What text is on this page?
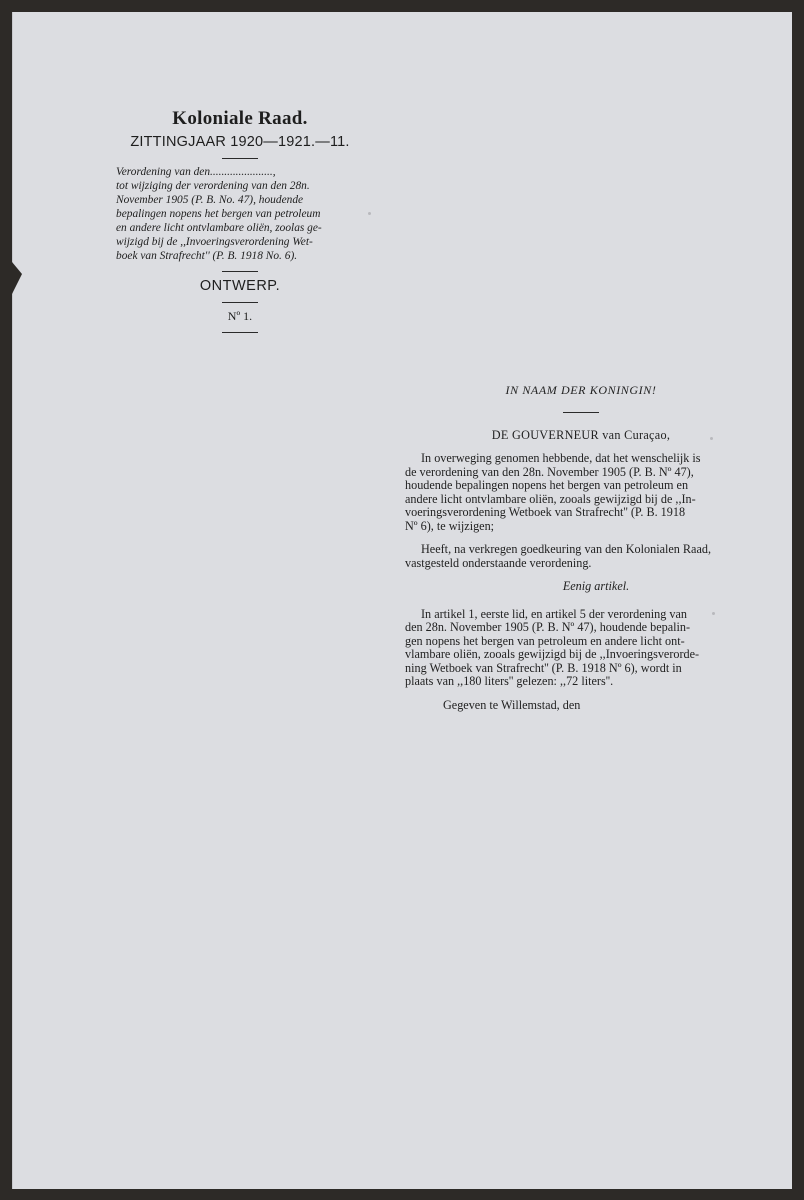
Koloniale Raad.
ZITTINGJAAR 1920—1921.—11.

Verordening van den......................,
tot wijziging der verordening van den 28n.
November 1905 (P. B. No. 47), houdende
bepalingen nopens het bergen van petroleum
en andere licht ontvlambare oliën, zoolas ge-
wijzigd bij de ,,Invoeringsverordening Wet-
boek van Strafrecht'' (P. B. 1918 No. 6).

ONTWERP.
Nº 1.

IN NAAM DER KONINGIN!

DE GOUVERNEUR van Curaçao,

In overweging genomen hebbende, dat het wenschelijk is
de verordening van den 28n. November 1905 (P. B. Nº 47),
houdende bepalingen nopens het bergen van petroleum en
andere licht ontvlambare oliën, zooals gewijzigd bij de ,,In-
voeringsverordening Wetboek van Strafrecht'' (P. B. 1918
Nº 6), te wijzigen;

Heeft, na verkregen goedkeuring van den Kolonialen Raad,
vastgesteld onderstaande verordening.

Eenig artikel.

In artikel 1, eerste lid, en artikel 5 der verordening van
den 28n. November 1905 (P. B. Nº 47), houdende bepalin-
gen nopens het bergen van petroleum en andere licht ont-
vlambare oliën, zooals gewijzigd bij de ,,Invoeringsverorde-
ning Wetboek van Strafrecht'' (P. B. 1918 Nº 6), wordt in
plaats van ,,180 liters'' gelezen: ,,72 liters''.

Gegeven te Willemstad, den
